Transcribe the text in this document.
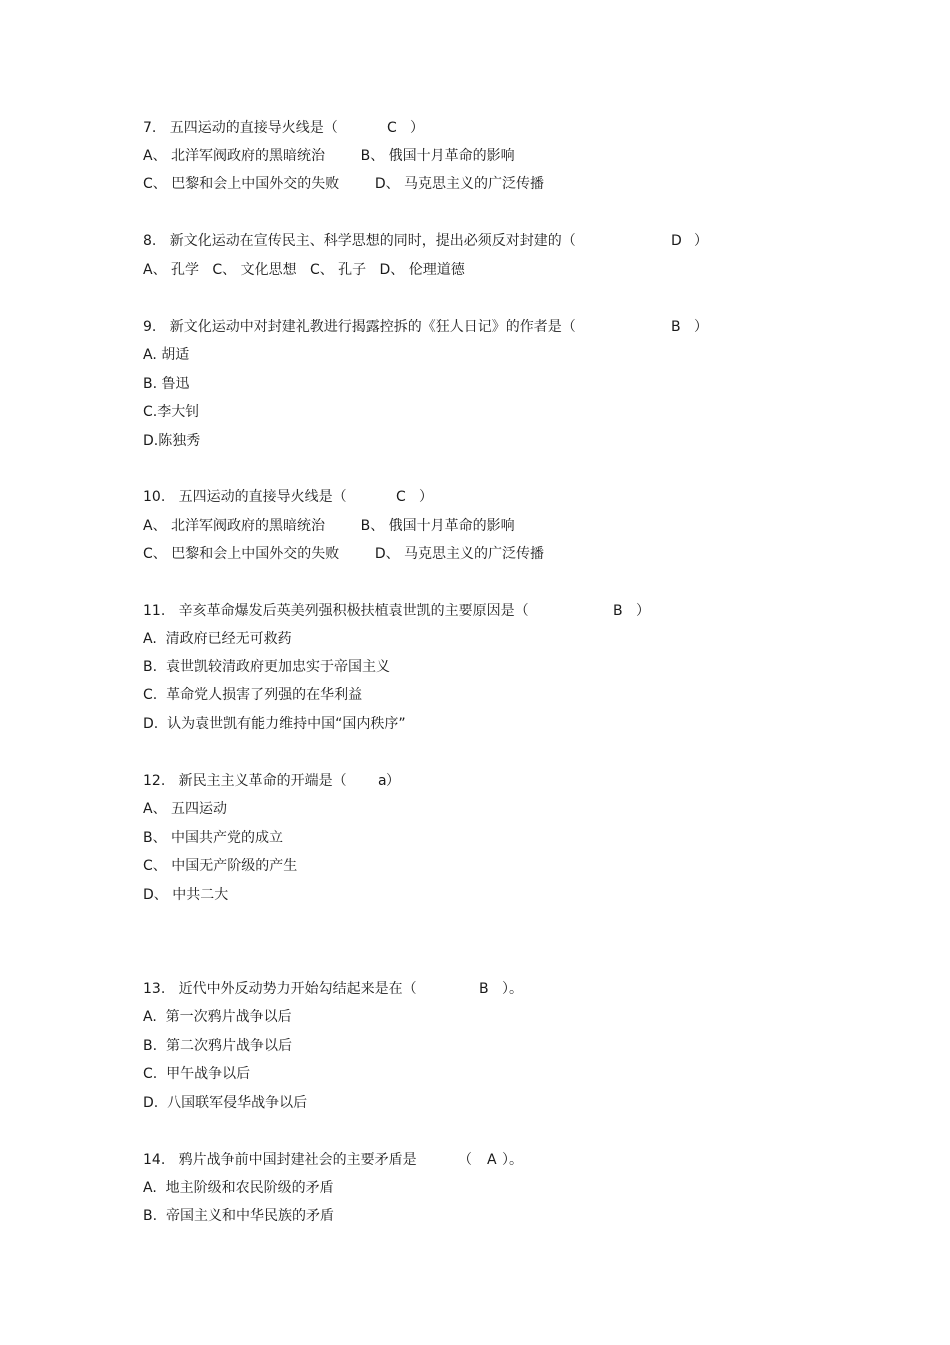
7.   五四运动的直接导火线是（	C ）
A、 北洋军阀政府的黑暗统治        B、 俄国十月革命的影响
C、 巴黎和会上中国外交的失败        D、 马克思主义的广泛传播
8.   新文化运动在宣传民主、科学思想的同时，提出必须反对封建的（	D ）
A、 孔学   C、 文化思想   C、 孔子   D、 伦理道德
9.   新文化运动中对封建礼教进行揭露控拆的《狂人日记》的作者是（	B ）
A. 胡适
B. 鲁迅
C.李大钊
D.陈独秀
10.   五四运动的直接导火线是（	C ）
A、 北洋军阀政府的黑暗统治        B、 俄国十月革命的影响
C、 巴黎和会上中国外交的失败        D、 马克思主义的广泛传播
11.   辛亥革命爆发后英美列强积极扶植袁世凯的主要原因是（	B ）
A.  清政府已经无可救药
B.  袁世凯较清政府更加忠实于帝国主义
C.  革命党人损害了列强的在华利益
D.  认为袁世凯有能力维持中国“国内秩序”
12.   新民主主义革命的开端是（ a ）
A、 五四运动
B、 中国共产党的成立
C、 中国无产阶级的产生
D、 中共二大
13.   近代中外反动势力开始勾结起来是在（	B ）。
A.  第一次鸦片战争以后
B.  第二次鸦片战争以后
C.  甲午战争以后
D.  八国联军侵华战争以后
14.   鸦片战争前中国封建社会的主要矛盾是	（ A ）。
A.  地主阶级和农民阶级的矛盾
B.  帝国主义和中华民族的矛盾
